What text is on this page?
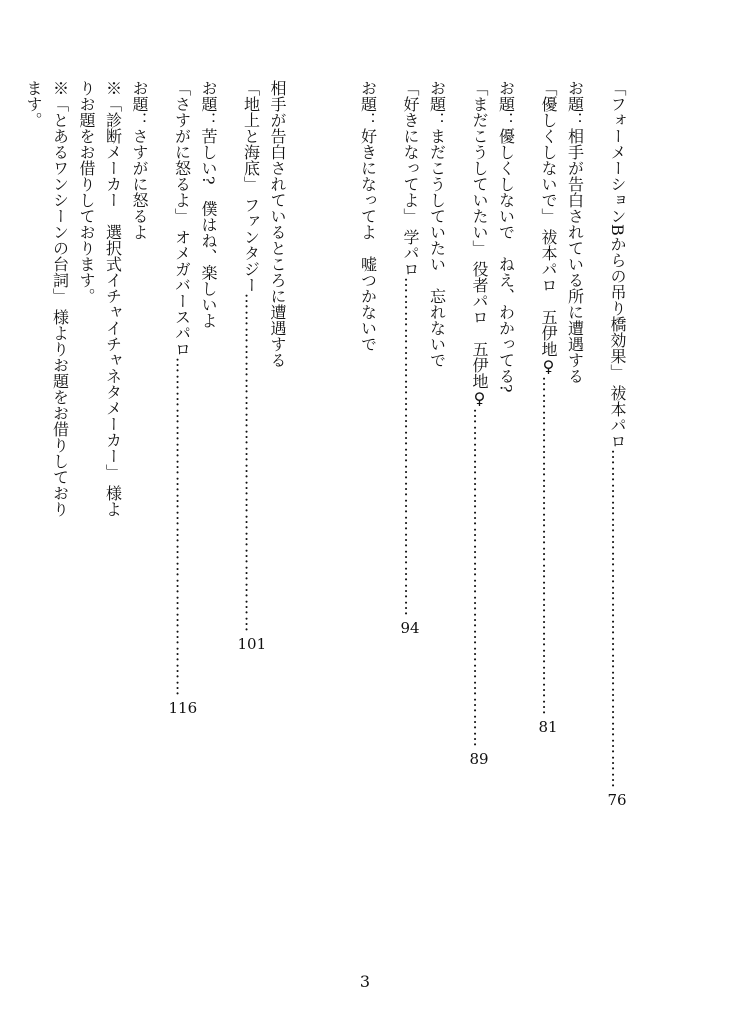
「フォーメーションBからの吊り橋効果」 祓本パロ
……………………………………………………
76
お題：相手が告白されている所に遭遇する
「優しくしないで」 祓本パロ　五伊地♀
……………………………………………………
81
お題：優しくしないで　ねえ、わかってる?
「まだこうしていたい」 役者パロ　五伊地♀
……………………………………………………
89
お題：まだこうしていたい　忘れないで
「好きになってよ」 学パロ
……………………………………………………
94
お題：好きになってよ　嘘つかないで
相手が告白されているところに遭遇する
「地上と海底」 ファンタジー
……………………………………………………
101
お題：苦しい?　僕はね、楽しいよ
「さすがに怒るよ」 オメガバースパロ
……………………………………………………
116
お題：さすがに怒るよ
※「診断メーカー　選択式イチャイチャネタメーカー」 様よ
りお題をお借りしております。
※「とあるワンシーンの台詞」 様よりお題をお借りしており
ます。
3
